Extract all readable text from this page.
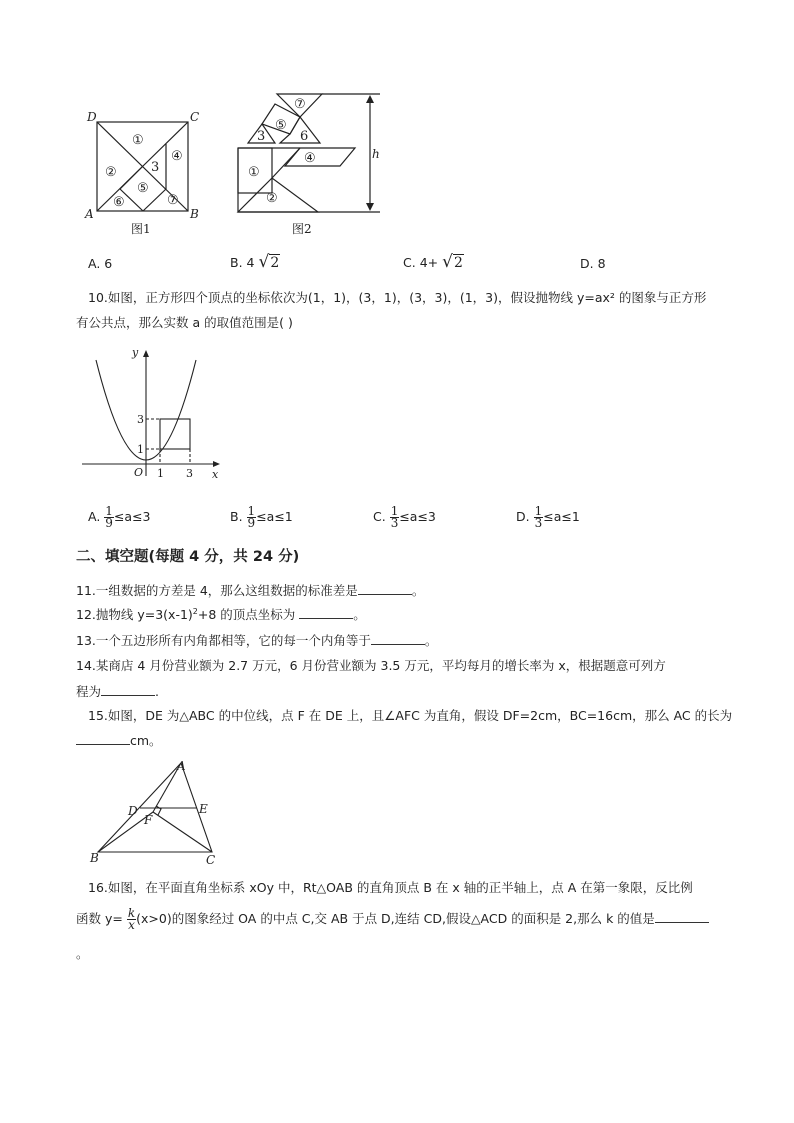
D	C
A	B
h
①
②	3
④
⑤
⑥	⑦
⑦
3
⑤
6
①
②
④
图1	图2
A. 6	B. 4 √2	C. 4+ √2	D. 8
10.如图，正方形四个顶点的坐标依次为(1，1)，(3，1)，(3，3)，(1，3)，假设抛物线 y=ax² 的图象与正方形
有公共点，那么实数 a 的取值范围是( )
y
x
O 1 3
3
1
A. $\frac{1}{9} \le a\le 3$	B. $\frac{1}{9} \le a\le 1$	C. $\frac{1}{3} \le a\le 3$	D. $\frac{1}{3} \le a\le 1$
二、填空题(每题 4 分，共 24 分)
11.一组数据的方差是 4，那么这组数据的标准差是	。
12.抛物线 $y=3(x-1)^2+8$ 的顶点坐标为	。
13.一个五边形所有内角都相等，它的每一个内角等于	。
14.某商店 4 月份营业额为 2.7 万元，6 月份营业额为 3.5 万元，平均每月的增长率为 x，根据题意可列方
程为	.
15.如图，DE 为△ABC 的中位线，点 F 在 DE 上，且∠AFC 为直角，假设 DF=2cm，BC=16cm，那么 AC 的长为
cm。
A
D	E
F
B	C
16.如图，在平面直角坐标系 xOy 中，Rt△OAB 的直角顶点 B 在 x 轴的正半轴上，点 A 在第一象限，反比例
函数 $y= \frac{k}{x} (x>0)$的图象经过 OA 的中点 C,交 AB 于点 D,连结 CD,假设△ACD 的面积是 2,那么 k 的值是
。
